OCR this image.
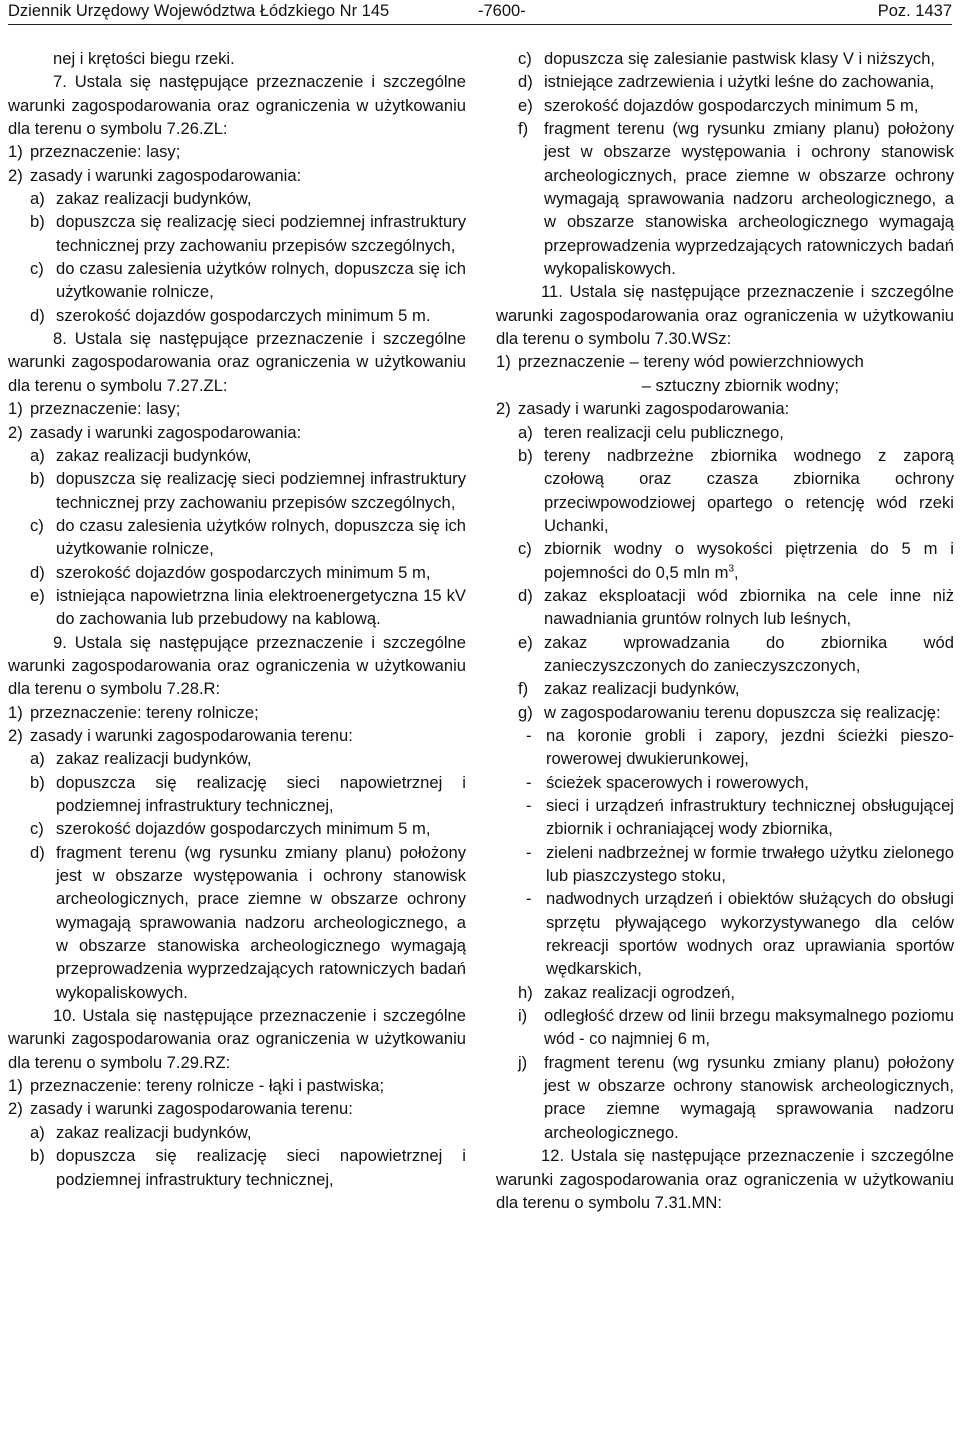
Dziennik Urzędowy Województwa Łódzkiego Nr 145	-7600-	Poz. 1437

nej i krętości biegu rzeki.

7. Ustala się następujące przeznaczenie i szczególne warunki zagospodarowania oraz ograniczenia w użytkowaniu dla terenu o symbolu 7.26.ZL:

1) przeznaczenie: lasy;
2) zasady i warunki zagospodarowania:
a) zakaz realizacji budynków,
b) dopuszcza się realizację sieci podziemnej infrastruktury technicznej przy zachowaniu przepisów szczególnych,
c) do czasu zalesienia użytków rolnych, dopuszcza się ich użytkowanie rolnicze,
d) szerokość dojazdów gospodarczych minimum 5 m.

8. Ustala się następujące przeznaczenie i szczególne warunki zagospodarowania oraz ograniczenia w użytkowaniu dla terenu o symbolu 7.27.ZL:

1) przeznaczenie: lasy;
2) zasady i warunki zagospodarowania:
a) zakaz realizacji budynków,
b) dopuszcza się realizację sieci podziemnej infrastruktury technicznej przy zachowaniu przepisów szczególnych,
c) do czasu zalesienia użytków rolnych, dopuszcza się ich użytkowanie rolnicze,
d) szerokość dojazdów gospodarczych minimum 5 m,
e) istniejąca napowietrzna linia elektroenergetyczna 15 kV do zachowania lub przebudowy na kablową.

9. Ustala się następujące przeznaczenie i szczególne warunki zagospodarowania oraz ograniczenia w użytkowaniu dla terenu o symbolu 7.28.R:

1) przeznaczenie: tereny rolnicze;
2) zasady i warunki zagospodarowania terenu:
a) zakaz realizacji budynków,
b) dopuszcza się realizację sieci napowietrznej i podziemnej infrastruktury technicznej,
c) szerokość dojazdów gospodarczych minimum 5 m,
d) fragment terenu (wg rysunku zmiany planu) położony jest w obszarze występowania i ochrony stanowisk archeologicznych, prace ziemne w obszarze ochrony wymagają sprawowania nadzoru archeologicznego, a w obszarze stanowiska archeologicznego wymagają przeprowadzenia wyprzedzających ratowniczych badań wykopaliskowych.

10. Ustala się następujące przeznaczenie i szczególne warunki zagospodarowania oraz ograniczenia w użytkowaniu dla terenu o symbolu 7.29.RZ:

1) przeznaczenie: tereny rolnicze - łąki i pastwiska;
2) zasady i warunki zagospodarowania terenu:
a) zakaz realizacji budynków,
b) dopuszcza się realizację sieci napowietrznej i podziemnej infrastruktury technicznej,
c) dopuszcza się zalesianie pastwisk klasy V i niższych,
d) istniejące zadrzewienia i użytki leśne do zachowania,
e) szerokość dojazdów gospodarczych minimum 5 m,
f) fragment terenu (wg rysunku zmiany planu) położony jest w obszarze występowania i ochrony stanowisk archeologicznych, prace ziemne w obszarze ochrony wymagają sprawowania nadzoru archeologicznego, a w obszarze stanowiska archeologicznego wymagają przeprowadzenia wyprzedzających ratowniczych badań wykopaliskowych.

11. Ustala się następujące przeznaczenie i szczególne warunki zagospodarowania oraz ograniczenia w użytkowaniu dla terenu o symbolu 7.30.WSz:

1) przeznaczenie – tereny wód powierzchniowych

– sztuczny zbiornik wodny;

2) zasady i warunki zagospodarowania:
a) teren realizacji celu publicznego,
b) tereny nadbrzeżne zbiornika wodnego z zaporą czołową oraz czasza zbiornika ochrony przeciwpowodziowej opartego o retencję wód rzeki Uchanki,
c) zbiornik wodny o wysokości piętrzenia do 5 m i pojemności do 0,5 mln $m^3$,
d) zakaz eksploatacji wód zbiornika na cele inne niż nawadniania gruntów rolnych lub leśnych,
e) zakaz wprowadzania do zbiornika wód zanieczyszczonych do zanieczyszczonych,
f) zakaz realizacji budynków,
g) w zagospodarowaniu terenu dopuszcza się realizację:
- na koronie grobli i zapory, jezdni ścieżki pieszo-rowerowej dwukierunkowej,
- ścieżek spacerowych i rowerowych,
- sieci i urządzeń infrastruktury technicznej obsługującej zbiornik i ochraniającej wody zbiornika,
- zieleni nadbrzeżnej w formie trwałego użytku zielonego lub piaszczystego stoku,
- nadwodnych urządzeń i obiektów służących do obsługi sprzętu pływającego wykorzystywanego dla celów rekreacji sportów wodnych oraz uprawiania sportów wędkarskich,
h) zakaz realizacji ogrodzeń,
i)	odległość drzew od linii brzegu maksymalnego poziomu wód - co najmniej 6 m,
j)	fragment terenu (wg rysunku zmiany planu) położony jest w obszarze ochrony stanowisk archeologicznych, prace ziemne wymagają sprawowania nadzoru archeologicznego.

12. Ustala się następujące przeznaczenie i szczególne warunki zagospodarowania oraz ograniczenia w użytkowaniu dla terenu o symbolu 7.31.MN:
